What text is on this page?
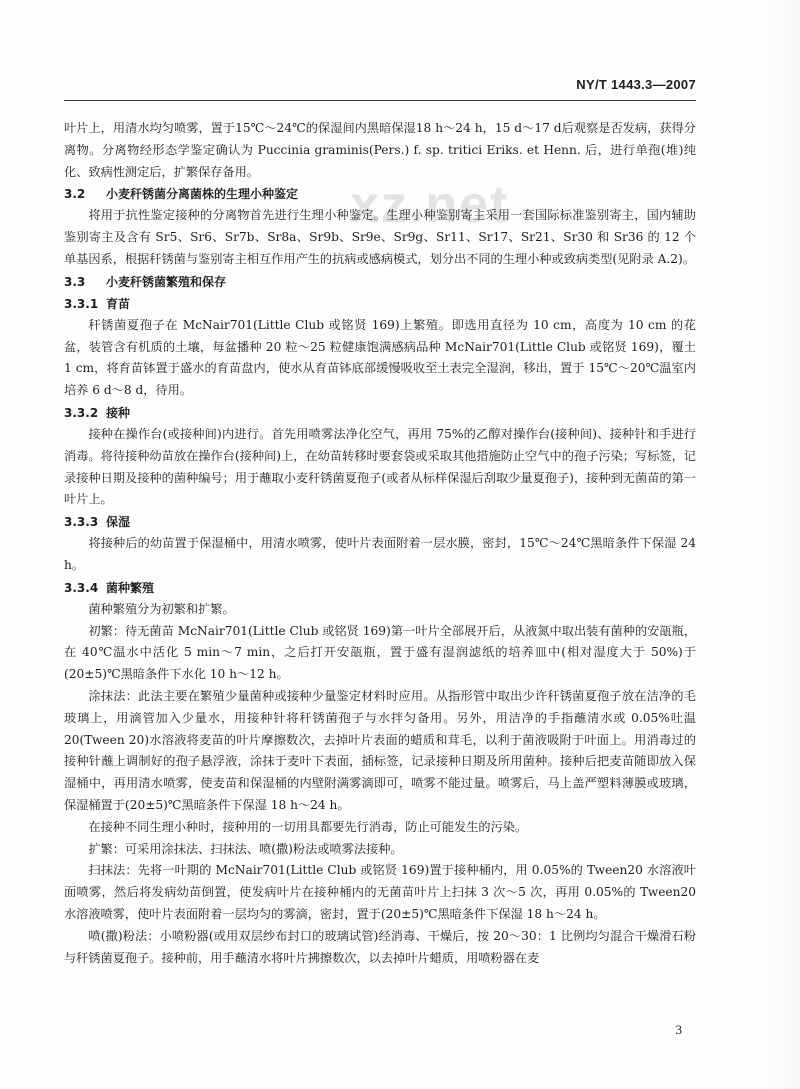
NY/T 1443.3—2007
xz.net

叶片上，用清水均匀喷雾，置于15℃～24℃的保湿间内黑暗保湿18 h～24 h，15 d～17 d后观察是否发病，获得分离物。分离物经形态学鉴定确认为 Puccinia graminis(Pers.) f. sp. tritici Eriks. et Henn. 后，进行单孢(堆)纯化、致病性测定后，扩繁保存备用。

3.2 小麦秆锈菌分离菌株的生理小种鉴定

将用于抗性鉴定接种的分离物首先进行生理小种鉴定。生理小种鉴别寄主采用一套国际标准鉴别寄主，国内辅助鉴别寄主及含有 Sr5、Sr6、Sr7b、Sr8a、Sr9b、Sr9e、Sr9g、Sr11、Sr17、Sr21、Sr30 和 Sr36 的 12 个单基因系，根据秆锈菌与鉴别寄主相互作用产生的抗病或感病模式，划分出不同的生理小种或致病类型(见附录 A.2)。

3.3 小麦秆锈菌繁殖和保存
3.3.1 育苗

秆锈菌夏孢子在 McNair701(Little Club 或铭贤 169)上繁殖。即选用直径为 10 cm，高度为 10 cm 的花盆，装管含有机质的土壤，每盆播种 20 粒～25 粒健康饱满感病品种 McNair701(Little Club 或铭贤 169)，覆土 1 cm，将育苗钵置于盛水的育苗盘内，使水从育苗钵底部缓慢吸收至土表完全湿润，移出，置于 15℃～20℃温室内培养 6 d～8 d，待用。

3.3.2 接种

接种在操作台(或接种间)内进行。首先用喷雾法净化空气，再用 75%的乙醇对操作台(接种间)、接种针和手进行消毒。将待接种幼苗放在操作台(接种间)上，在幼苗转移时要套袋或采取其他措施防止空气中的孢子污染；写标签，记录接种日期及接种的菌种编号；用于蘸取小麦秆锈菌夏孢子(或者从标样保湿后刮取少量夏孢子)，接种到无菌苗的第一叶片上。

3.3.3 保湿

将接种后的幼苗置于保湿桶中，用清水喷雾，使叶片表面附着一层水膜，密封，15℃～24℃黑暗条件下保湿 24 h。

3.3.4 菌种繁殖

菌种繁殖分为初繁和扩繁。

初繁：待无菌苗 McNair701(Little Club 或铭贤 169)第一叶片全部展开后，从液氮中取出装有菌种的安瓿瓶，在 40℃温水中活化 5 min～7 min，之后打开安瓿瓶，置于盛有湿润滤纸的培养皿中(相对湿度大于 50%)于(20±5)℃黑暗条件下水化 10 h～12 h。

涂抹法：此法主要在繁殖少量菌种或接种少量鉴定材料时应用。从指形管中取出少许秆锈菌夏孢子放在洁净的毛玻璃上，用滴管加入少量水，用接种针将秆锈菌孢子与水拌匀备用。另外，用洁净的手指蘸清水或 0.05%吐温 20(Tween 20)水溶液将麦苗的叶片摩擦数次，去掉叶片表面的蜡质和茸毛，以利于菌液吸附于叶面上。用消毒过的接种针蘸上调制好的孢子悬浮液，涂抹于麦叶下表面，插标签，记录接种日期及所用菌种。接种后把麦苗随即放入保湿桶中，再用清水喷雾，使麦苗和保湿桶的内壁附满雾滴即可，喷雾不能过量。喷雾后，马上盖严塑料薄膜或玻璃，保湿桶置于(20±5)℃黑暗条件下保湿 18 h～24 h。

在接种不同生理小种时，接种用的一切用具都要先行消毒，防止可能发生的污染。

扩繁：可采用涂抹法、扫抹法、喷(撒)粉法或喷雾法接种。

扫抹法：先将一叶期的 McNair701(Little Club 或铭贤 169)置于接种桶内，用 0.05%的 Tween20 水溶液叶面喷雾，然后将发病幼苗倒置，使发病叶片在接种桶内的无菌苗叶片上扫抹 3 次～5 次，再用 0.05%的 Tween20 水溶液喷雾，使叶片表面附着一层均匀的雾滴，密封，置于(20±5)℃黑暗条件下保湿 18 h～24 h。

喷(撒)粉法：小喷粉器(或用双层纱布封口的玻璃试管)经消毒、干燥后，按 20～30：1 比例均匀混合干燥滑石粉与秆锈菌夏孢子。接种前，用手蘸清水将叶片拂擦数次，以去掉叶片蜡质，用喷粉器在麦

3
